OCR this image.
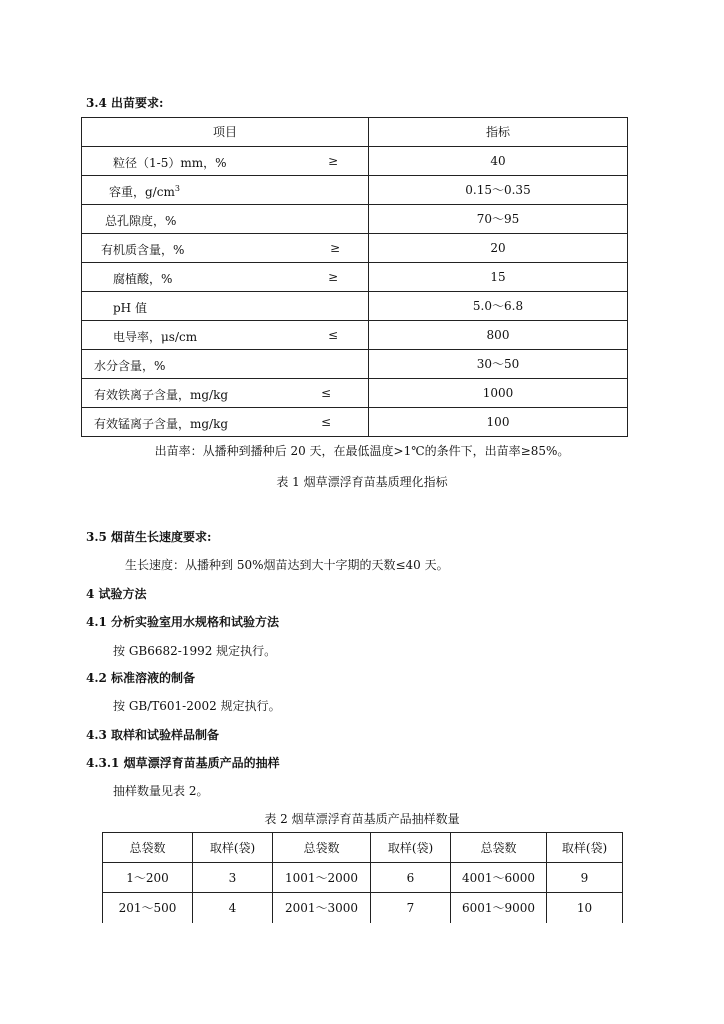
3.4 出苗要求:
项目	指标

粒径（1-5）mm，% ≥	40

容重，$g/cm^3$	0.15～0.35

总孔隙度，%	70～95

有机质含量，% ≥	20

腐植酸，% ≥	15

pH 值	5.0～6.8

电导率，μs/cm ≤	800

水分含量，%	30～50

有效铁离子含量，mg/kg ≤	1000

有效锰离子含量，mg/kg ≤	100
出苗率：从播种到播种后 20 天，在最低温度>1℃的条件下，出苗率≥85%。
表 1 烟草漂浮育苗基质理化指标
3.5 烟苗生长速度要求:
生长速度：从播种到 50%烟苗达到大十字期的天数≤40 天。
4 试验方法
4.1 分析实验室用水规格和试验方法
按 GB6682-1992 规定执行。
4.2 标准溶液的制备
按 GB/T601-2002 规定执行。
4.3 取样和试验样品制备
4.3.1 烟草漂浮育苗基质产品的抽样
抽样数量见表 2。
表 2 烟草漂浮育苗基质产品抽样数量
总袋数	取样(袋)	总袋数	取样(袋)	总袋数	取样(袋)
1～200	3	1001～2000	6	4001～6000	9
201～500	4	2001～3000	7	6001～9000	10
